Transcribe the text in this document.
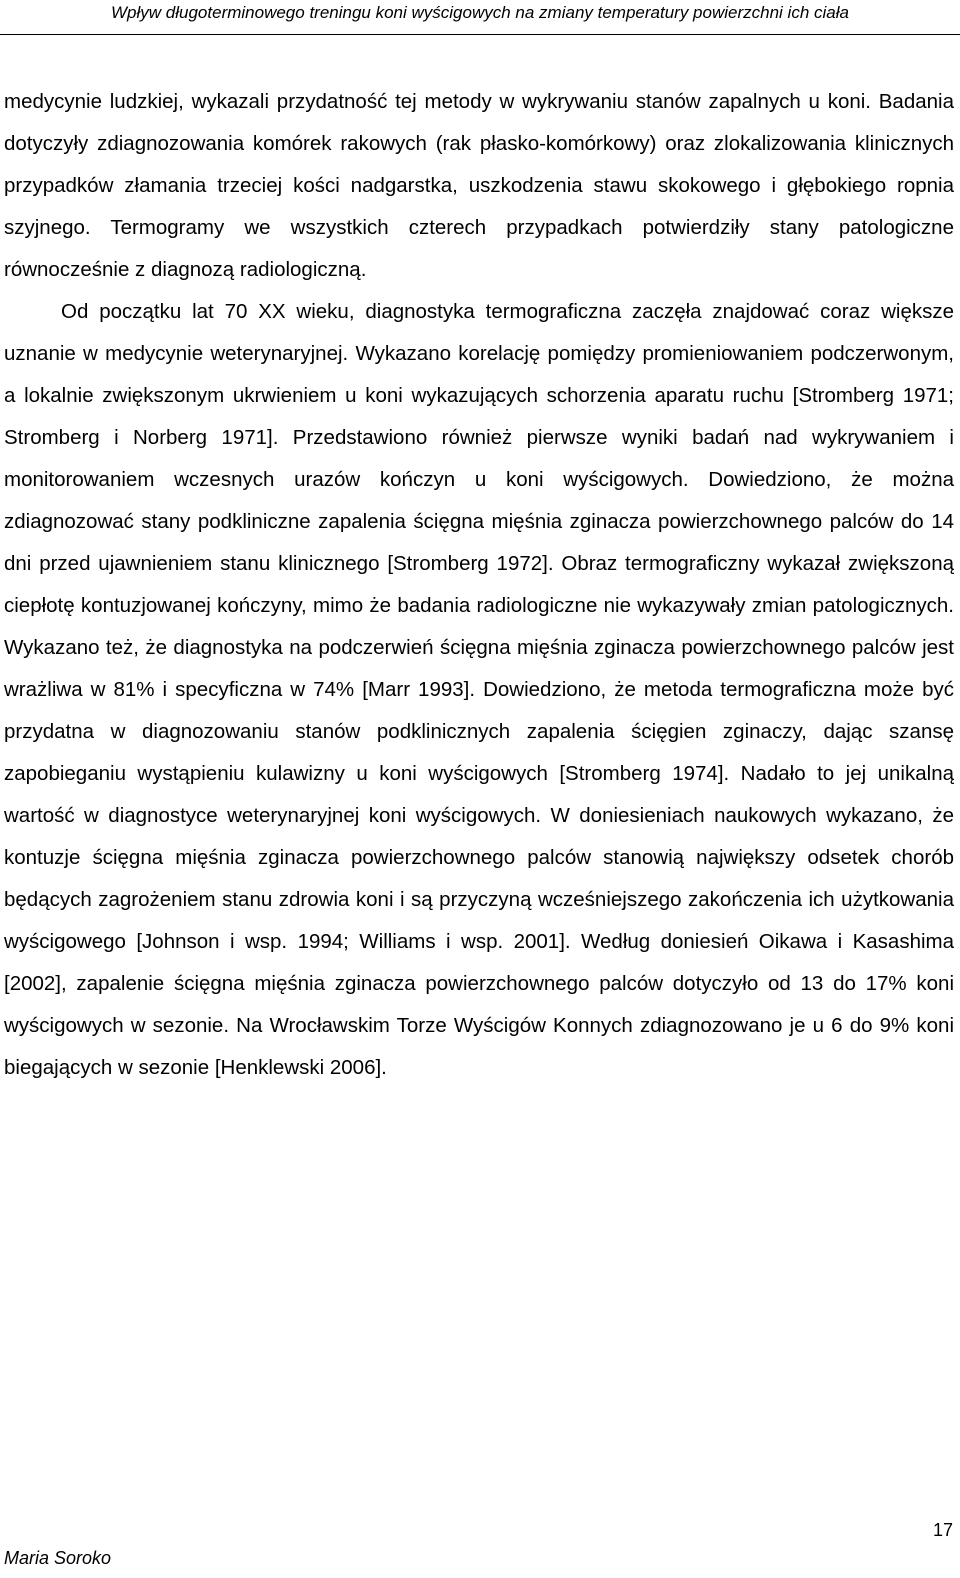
Wpływ długoterminowego treningu koni wyścigowych na zmiany temperatury powierzchni ich ciała

medycynie ludzkiej, wykazali przydatność tej metody w wykrywaniu stanów zapalnych u koni. Badania dotyczyły zdiagnozowania komórek rakowych (rak płasko-komórkowy) oraz zlokalizowania klinicznych przypadków złamania trzeciej kości nadgarstka, uszkodzenia stawu skokowego i głębokiego ropnia szyjnego. Termogramy we wszystkich czterech przypadkach potwierdziły stany patologiczne równocześnie z diagnozą radiologiczną.

Od początku lat 70 XX wieku, diagnostyka termograficzna zaczęła znajdować coraz większe uznanie w medycynie weterynaryjnej. Wykazano korelację pomiędzy promieniowaniem podczerwonym, a lokalnie zwiększonym ukrwieniem u koni wykazujących schorzenia aparatu ruchu [Stromberg 1971; Stromberg i Norberg 1971]. Przedstawiono również pierwsze wyniki badań nad wykrywaniem i monitorowaniem wczesnych urazów kończyn u koni wyścigowych. Dowiedziono, że można zdiagnozować stany podkliniczne zapalenia ścięgna mięśnia zginacza powierzchownego palców do 14 dni przed ujawnieniem stanu klinicznego [Stromberg 1972]. Obraz termograficzny wykazał zwiększoną ciepłotę kontuzjowanej kończyny, mimo że badania radiologiczne nie wykazywały zmian patologicznych. Wykazano też, że diagnostyka na podczerwień ścięgna mięśnia zginacza powierzchownego palców jest wrażliwa w 81% i specyficzna w 74% [Marr 1993]. Dowiedziono, że metoda termograficzna może być przydatna w diagnozowaniu stanów podklinicznych zapalenia ścięgien zginaczy, dając szansę zapobieganiu wystąpieniu kulawizny u koni wyścigowych [Stromberg 1974]. Nadało to jej unikalną wartość w diagnostyce weterynaryjnej koni wyścigowych. W doniesieniach naukowych wykazano, że kontuzje ścięgna mięśnia zginacza powierzchownego palców stanowią największy odsetek chorób będących zagrożeniem stanu zdrowia koni i są przyczyną wcześniejszego zakończenia ich użytkowania wyścigowego [Johnson i wsp. 1994; Williams i wsp. 2001]. Według doniesień Oikawa i Kasashima [2002], zapalenie ścięgna mięśnia zginacza powierzchownego palców dotyczyło od 13 do 17% koni wyścigowych w sezonie. Na Wrocławskim Torze Wyścigów Konnych zdiagnozowano je u 6 do 9% koni biegających w sezonie [Henklewski 2006].

17
Maria Soroko
